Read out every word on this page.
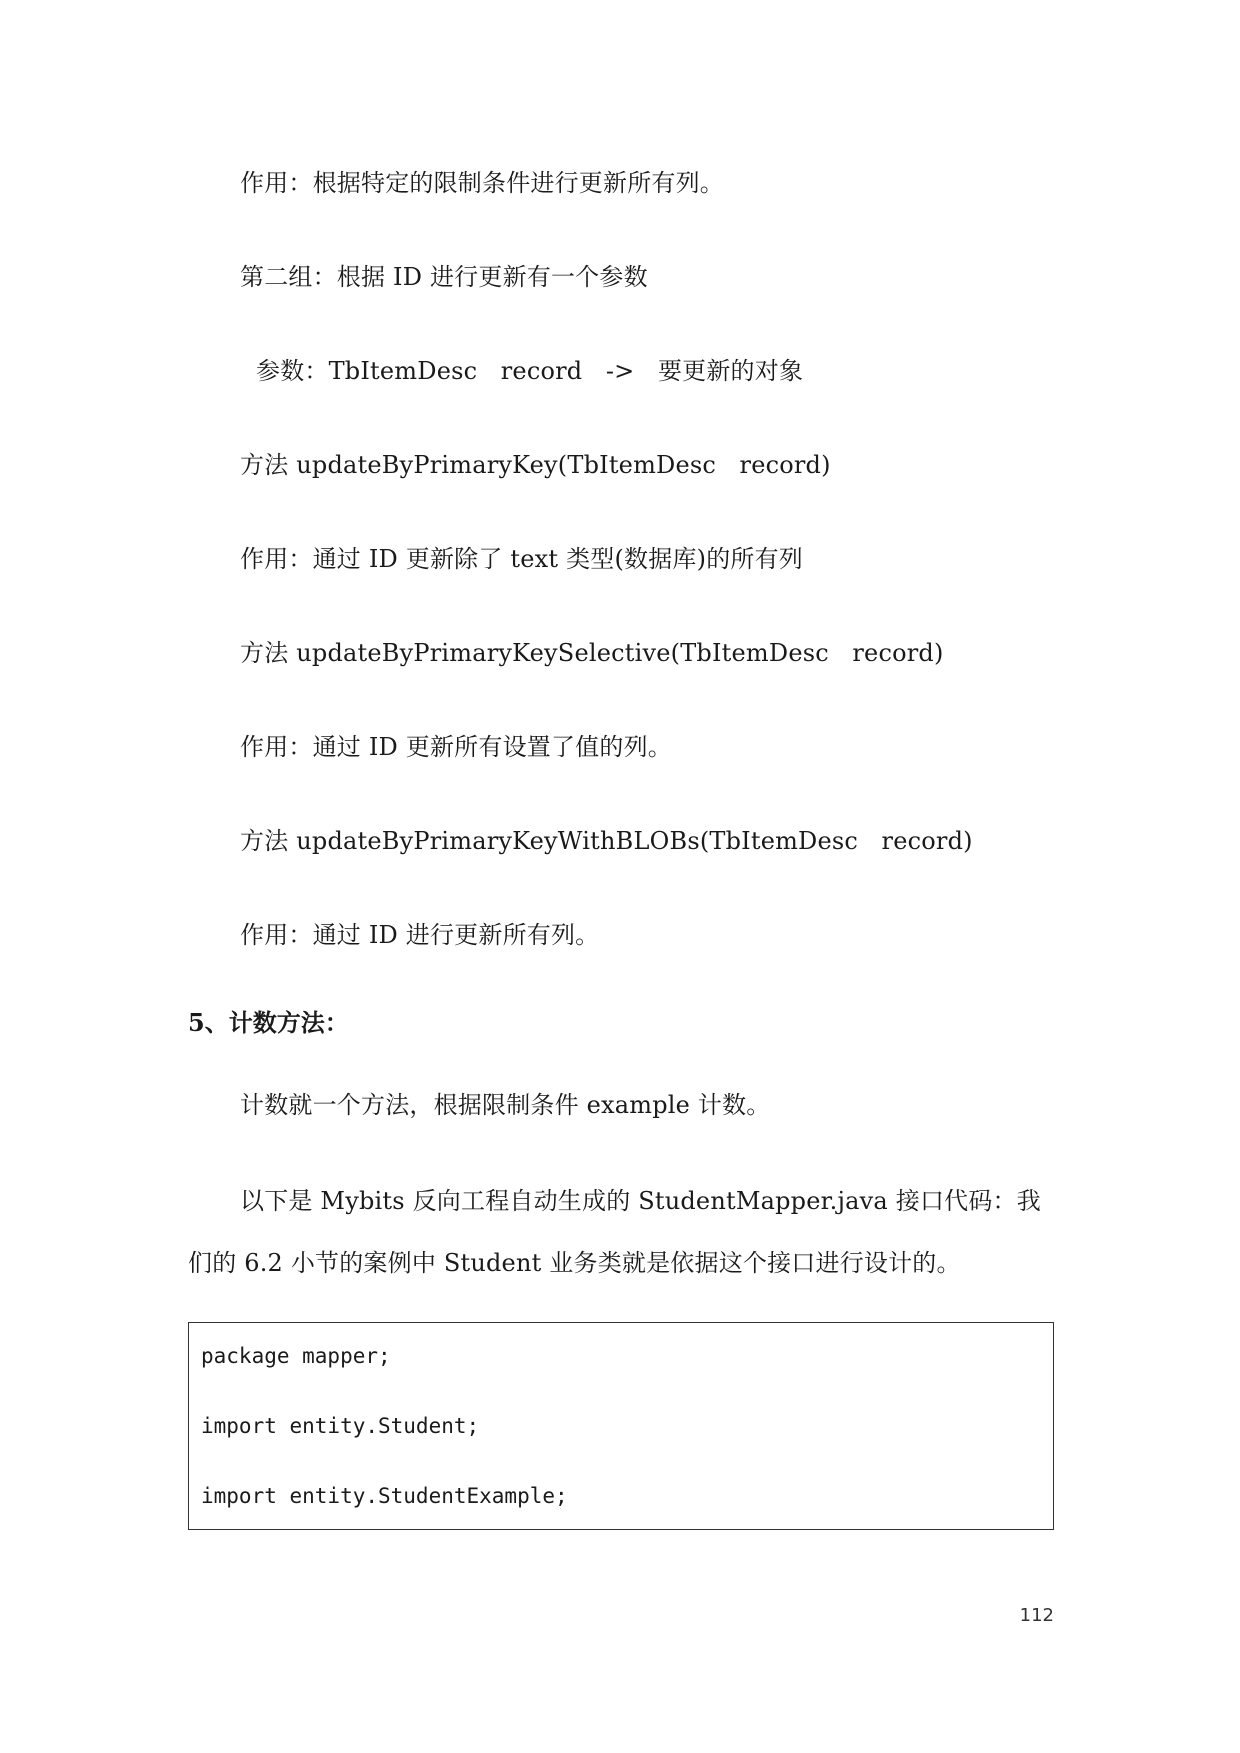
作用：根据特定的限制条件进行更新所有列。
第二组：根据 ID 进行更新有一个参数
参数：TbItemDesc   record   ->   要更新的对象
方法 updateByPrimaryKey(TbItemDesc   record)
作用：通过 ID 更新除了 text 类型(数据库)的所有列
方法 updateByPrimaryKeySelective(TbItemDesc   record)
作用：通过 ID 更新所有设置了值的列。
方法 updateByPrimaryKeyWithBLOBs(TbItemDesc   record)
作用：通过 ID 进行更新所有列。
5、计数方法：
计数就一个方法，根据限制条件 example 计数。
以下是 Mybits 反向工程自动生成的 StudentMapper.java 接口代码：我
们的 6.2 小节的案例中 Student 业务类就是依据这个接口进行设计的。
package mapper;
import entity.Student;
import entity.StudentExample;
112
